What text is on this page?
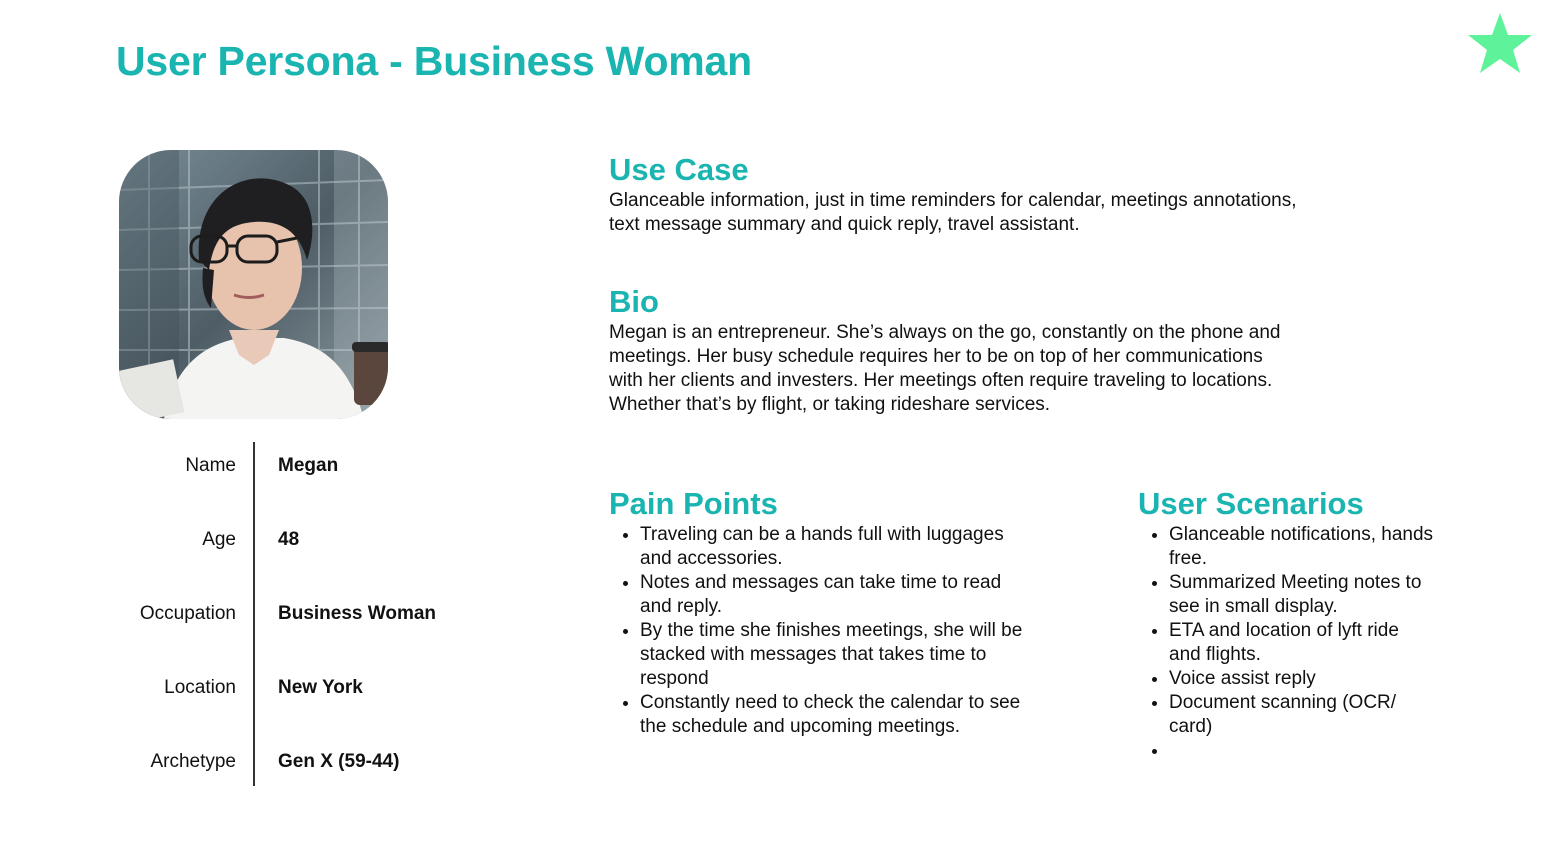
User Persona - Business Woman
Name Megan
Age 48
Occupation Business Woman
Location New York
Archetype Gen X (59-44)
Use Case

Glanceable information, just in time reminders for calendar, meetings annotations,

text message summary and quick reply, travel assistant.

Bio

Megan is an entrepreneur. She’s always on the go, constantly on the phone and

meetings. Her busy schedule requires her to be on top of her communications

with her clients and investers. Her meetings often require traveling to locations.

Whether that’s by flight, or taking rideshare services.

Pain Points
• Traveling can be a hands full with luggages
and accessories.
• Notes and messages can take time to read
and reply.
• By the time she finishes meetings, she will be
stacked with messages that takes time to
respond
• Constantly need to check the calendar to see
the schedule and upcoming meetings.
User Scenarios
• Glanceable notifications, hands
free.
• Summarized Meeting notes to
see in small display.
• ETA and location of lyft ride
and flights.
• Voice assist reply
• Document scanning (OCR/
card)
•
